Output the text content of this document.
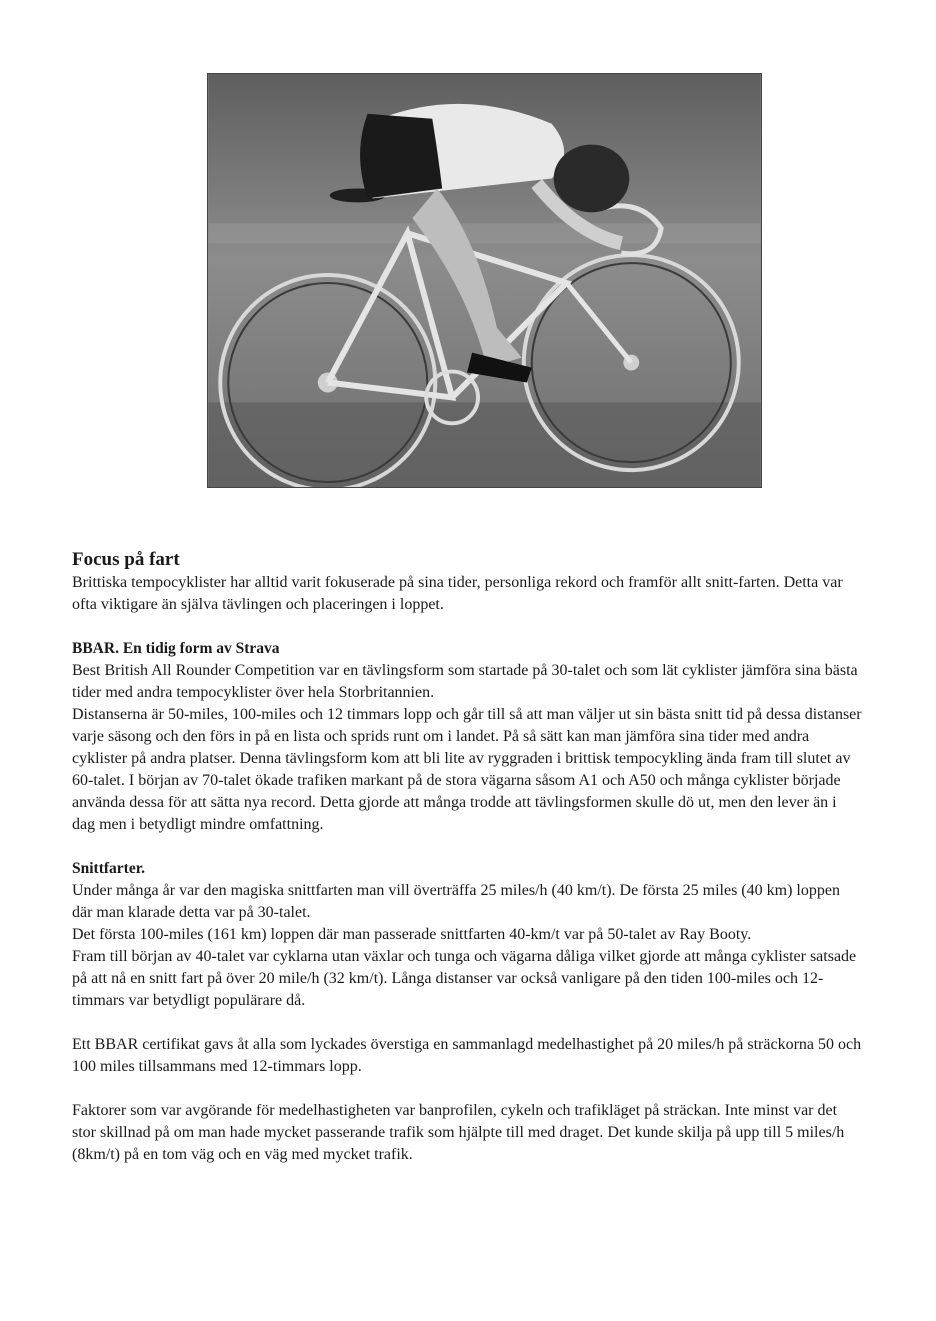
Focus på fart

Brittiska tempocyklister har alltid varit fokuserade på sina tider, personliga rekord och framför allt snitt-farten. Detta var ofta viktigare än själva tävlingen och placeringen i loppet.

BBAR. En tidig form av Strava

Best British All Rounder Competition var en tävlingsform som startade på 30-talet och som lät cyklister jämföra sina bästa tider med andra tempocyklister över hela Storbritannien.

Distanserna är 50-miles, 100-miles och 12 timmars lopp och går till så att man väljer ut sin bästa snitt tid på dessa distanser varje säsong och den förs in på en lista och sprids runt om i landet. På så sätt kan man jämföra sina tider med andra cyklister på andra platser. Denna tävlingsform kom att bli lite av ryggraden i brittisk tempocykling ända fram till slutet av 60-talet. I början av 70-talet ökade trafiken markant på de stora vägarna såsom A1 och A50 och många cyklister började använda dessa för att sätta nya record. Detta gjorde att många trodde att tävlingsformen skulle dö ut, men den lever än i dag men i betydligt mindre omfattning.

Snittfarter.

Under många år var den magiska snittfarten man vill överträffa 25 miles/h (40 km/t). De första 25 miles (40 km) loppen där man klarade detta var på 30-talet.

Det första 100-miles (161 km) loppen där man passerade snittfarten 40-km/t var på 50-talet av Ray Booty.

Fram till början av 40-talet var cyklarna utan växlar och tunga och vägarna dåliga vilket gjorde att många cyklister satsade på att nå en snitt fart på över 20 mile/h (32 km/t). Långa distanser var också vanligare på den tiden 100-miles och 12-timmars var betydligt populärare då.

Ett BBAR certifikat gavs åt alla som lyckades överstiga en sammanlagd medelhastighet på 20 miles/h på sträckorna 50 och 100 miles tillsammans med 12-timmars lopp.

Faktorer som var avgörande för medelhastigheten var banprofilen, cykeln och trafikläget på sträckan. Inte minst var det stor skillnad på om man hade mycket passerande trafik som hjälpte till med draget. Det kunde skilja på upp till 5 miles/h (8km/t) på en tom väg och en väg med mycket trafik.
